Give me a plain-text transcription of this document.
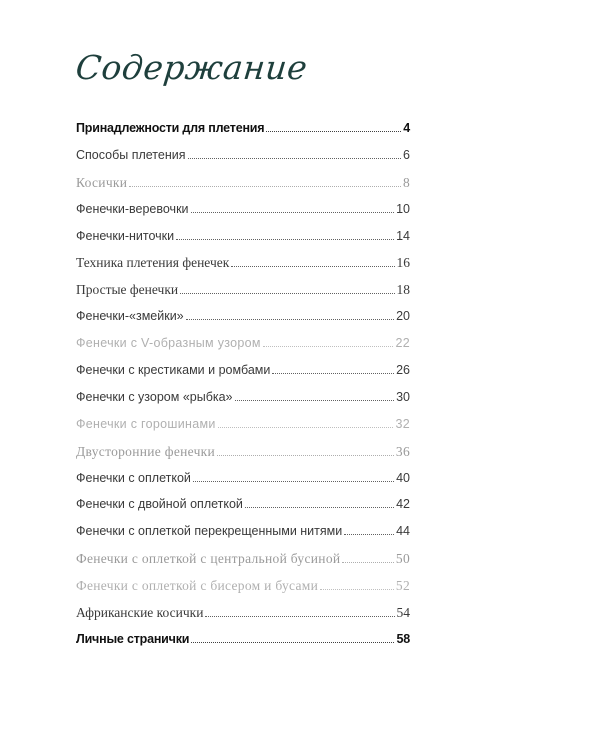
Содержание
Принадлежности для плетения	4
Способы плетения	6
Косички	8
Фенечки-веревочки	10
Фенечки-ниточки	14
Техника плетения фенечек	16
Простые фенечки	18
Фенечки-«змейки»	20
Фенечки с V-образным узором	22
Фенечки с крестиками и ромбами	26
Фенечки с узором «рыбка»	30
Фенечки с горошинами	32
Двусторонние фенечки	36
Фенечки с оплеткой	40
Фенечки с двойной оплеткой	42
Фенечки с оплеткой перекрещенными нитями	44
Фенечки с оплеткой с центральной бусиной	50
Фенечки с оплеткой с бисером и бусами	52
Африканские косички	54
Личные странички	58
